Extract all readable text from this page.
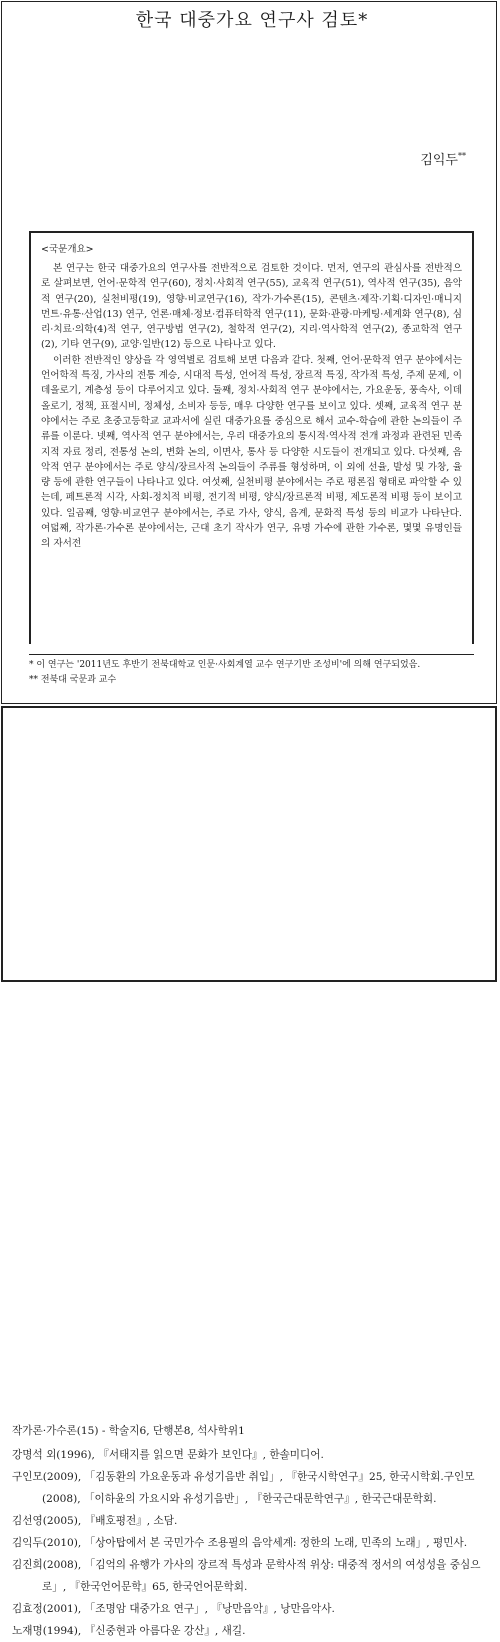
한국 대중가요 연구사 검토*
김익두**
<국문개요>

본 연구는 한국 대중가요의 연구사를 전반적으로 검토한 것이다. 먼저, 연구의 관심사를 전반적으로 살펴보면, 언어·문학적 연구(60), 정치·사회적 연구(55), 교육적 연구(51), 역사적 연구(35), 음악적 연구(20), 실천비평(19), 영향·비교연구(16), 작가·가수론(15), 콘텐츠·제작·기획·디자인·매니지먼트·유통·산업(13) 연구, 언론·매체·정보·컴퓨터학적 연구(11), 문화·관광·마케팅·세계화 연구(8), 심리·치료·의학(4)적 연구, 연구방법 연구(2), 철학적 연구(2), 지리·역사학적 연구(2), 종교학적 연구(2), 기타 연구(9), 교양·일반(12) 등으로 나타나고 있다.

이러한 전반적인 양상을 각 영역별로 검토해 보면 다음과 같다. 첫째, 언어·문학적 연구 분야에서는 언어학적 특징, 가사의 전통 계승, 시대적 특성, 언어적 특성, 장르적 특징, 작가적 특성, 주제 문제, 이데올로기, 계층성 등이 다루어지고 있다. 둘째, 정치·사회적 연구 분야에서는, 가요운동, 풍속사, 이데올로기, 정책, 표절시비, 정체성, 소비자 등등, 매우 다양한 연구를 보이고 있다. 셋째, 교육적 연구 분야에서는 주로 초중고등학교 교과서에 실린 대중가요를 중심으로 해서 교수-학습에 관한 논의들이 주류를 이룬다. 넷째, 역사적 연구 분야에서는, 우리 대중가요의 통시적·역사적 전개 과정과 관련된 민족지적 자료 정리, 전통성 논의, 변화 논의, 이면사, 통사 등 다양한 시도들이 전개되고 있다. 다섯째, 음악적 연구 분야에서는 주로 양식/장르사적 논의들이 주류를 형성하며, 이 외에 선율, 발성 및 가창, 율량 등에 관한 연구들이 나타나고 있다. 여섯째, 실천비평 분야에서는 주로 평론집 형태로 파악할 수 있는데, 페트론적 시각, 사회-정치적 비평, 전기적 비평, 양식/장르론적 비평, 제도론적 비평 등이 보이고 있다. 일곱째, 영향·비교연구 분야에서는, 주로 가사, 양식, 음계, 문화적 특성 등의 비교가 나타난다. 여덟째, 작가론·가수론 분야에서는, 근대 초기 작사가 연구, 유명 가수에 관한 가수론, 몇몇 유명인들의 자서전

* 이 연구는 '2011년도 후반기 전북대학교 인문·사회계열 교수 연구기반 조성비'에 의해 연구되었음.
** 전북대 국문과 교수
작가론·가수론(15) - 학술지6, 단행본8, 석사학위1
강명석 외(1996), 『서태지를 읽으면 문화가 보인다』, 한솔미디어.
구인모(2009), 「김동환의 가요운동과 유성기음반 취입」, 『한국시학연구』25, 한국시학회.구인모(2008), 「이하윤의 가요시와 유성기음반」, 『한국근대문학연구』, 한국근대문학회.
김선영(2005), 『배호평전』, 소담.
김익두(2010), 「상아탑에서 본 국민가수 조용필의 음악세계: 정한의 노래, 민족의 노래」, 평민사.
김진희(2008), 「김억의 유행가 가사의 장르적 특성과 문학사적 위상: 대중적 정서의 여성성을 중심으로」, 『한국언어문학』65, 한국언어문학회.
김효정(2001), 「조명암 대중가요 연구」, 『낭만음악』, 낭만음악사.
노재명(1994), 『신중현과 아름다운 강산』, 새길.
